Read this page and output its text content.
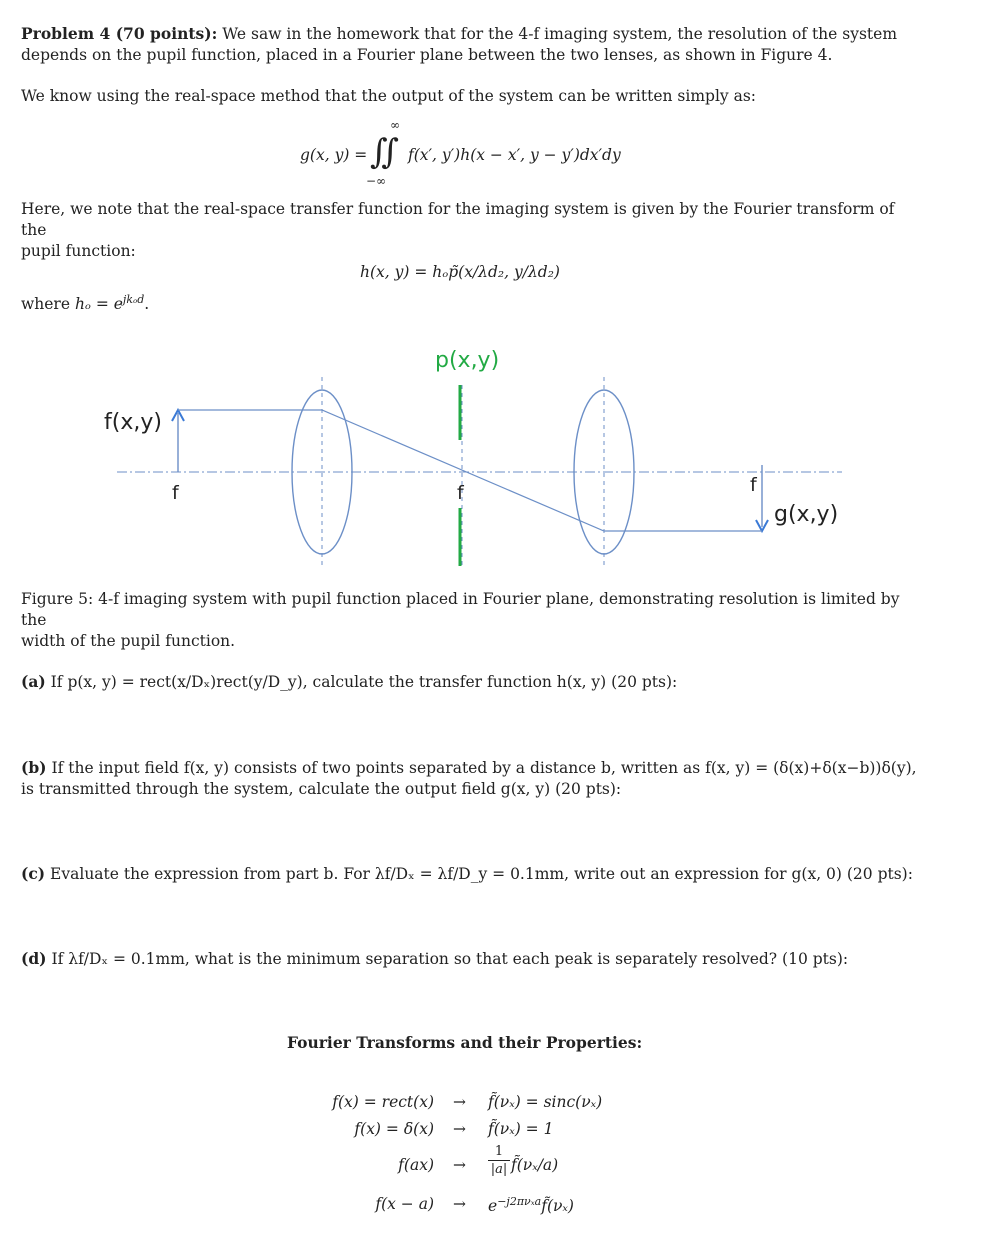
Problem 4 (70 points): We saw in the homework that for the 4-f imaging system, the resolution of the system
depends on the pupil function, placed in a Fourier plane between the two lenses, as shown in Figure 4.
We know using the real-space method that the output of the system can be written simply as:
g(x, y) = ∬
∞
−∞
f(x′, y′)h(x − x′, y − y′)dx′dy
Here, we note that the real-space transfer function for the imaging system is given by the Fourier transform of the
pupil function:
h(x, y) = hₒp̃(x/λd₂, y/λd₂)
where $h_o = e^{jk_od}$.
p(x,y)
f(x,y)
g(x,y)
f	f	f
Figure 5: 4-f imaging system with pupil function placed in Fourier plane, demonstrating resolution is limited by the
width of the pupil function.
(a) If p(x, y) = rect(x/Dₓ)rect(y/D_y), calculate the transfer function h(x, y) (20 pts):
(b) If the input field f(x, y) consists of two points separated by a distance b, written as f(x, y) = (δ(x)+δ(x−b))δ(y),
is transmitted through the system, calculate the output field g(x, y) (20 pts):
(c) Evaluate the expression from part b. For λf/Dₓ = λf/D_y = 0.1mm, write out an expression for g(x, 0) (20 pts):
(d) If λf/Dₓ = 0.1mm, what is the minimum separation so that each peak is separately resolved? (10 pts):
Fourier Transforms and their Properties:
f(x) = rect(x) → f̃(νₓ) = sinc(νₓ)
f(x) = δ(x) → f̃(νₓ) = 1
$f(ax) \to \frac{1}{|a|}$ f̃(νₓ/a)
$f(x - a) \to e^{-j2\pi\nu_xa}f̃(\nu_x)$
